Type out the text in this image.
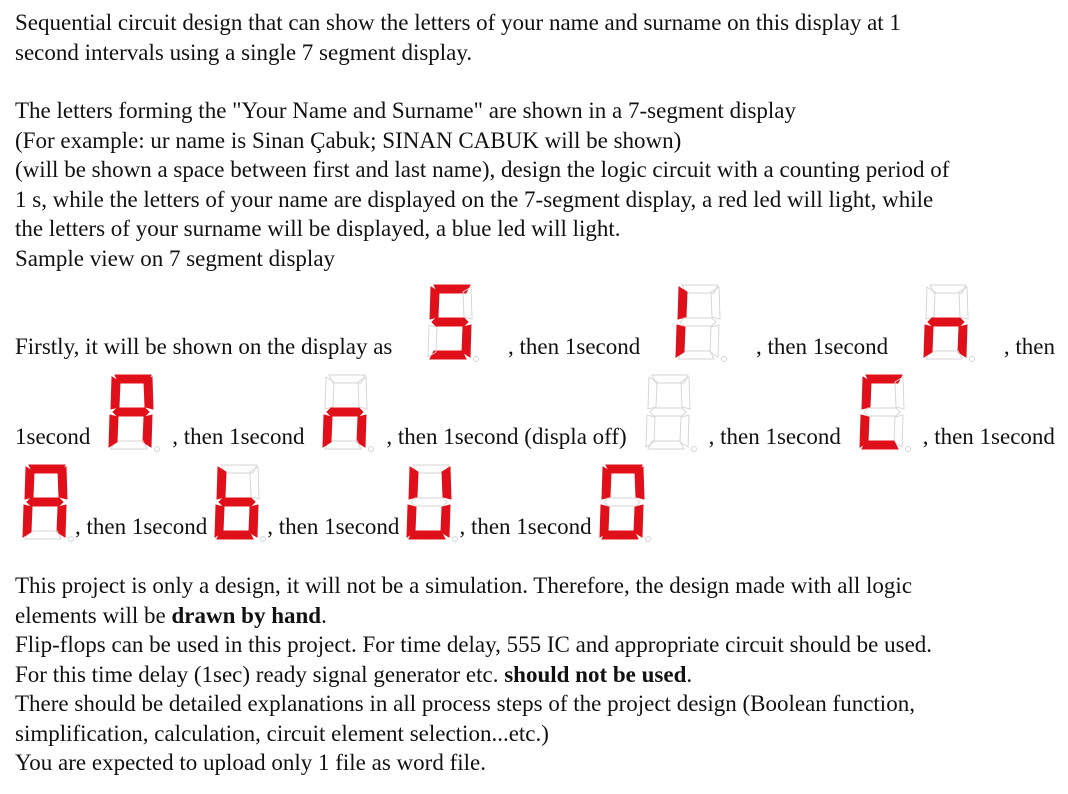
Sequential circuit design that can show the letters of your name and surname on this display at 1

second intervals using a single 7 segment display.

The letters forming the "Your Name and Surname" are shown in a 7-segment display

(For example: ur name is Sinan Çabuk; SINAN CABUK will be shown)

(will be shown a space between first and last name), design the logic circuit with a counting period of

1 s, while the letters of your name are displayed on the 7-segment display, a red led will light, while

the letters of your surname will be displayed, a blue led will light.

Sample view on 7 segment display

Firstly, it will be shown on the display as	, then 1second	, then 1second	, then
1second	, then 1second	, then 1second (displa off)	, then 1second	, then 1second
, then 1second	, then 1second	, then 1second

This project is only a design, it will not be a simulation. Therefore, the design made with all logic

elements will be drawn by hand.

Flip-flops can be used in this project. For time delay, 555 IC and appropriate circuit should be used.

For this time delay (1sec) ready signal generator etc. should not be used.

There should be detailed explanations in all process steps of the project design (Boolean function,

simplification, calculation, circuit element selection...etc.)

You are expected to upload only 1 file as word file.
